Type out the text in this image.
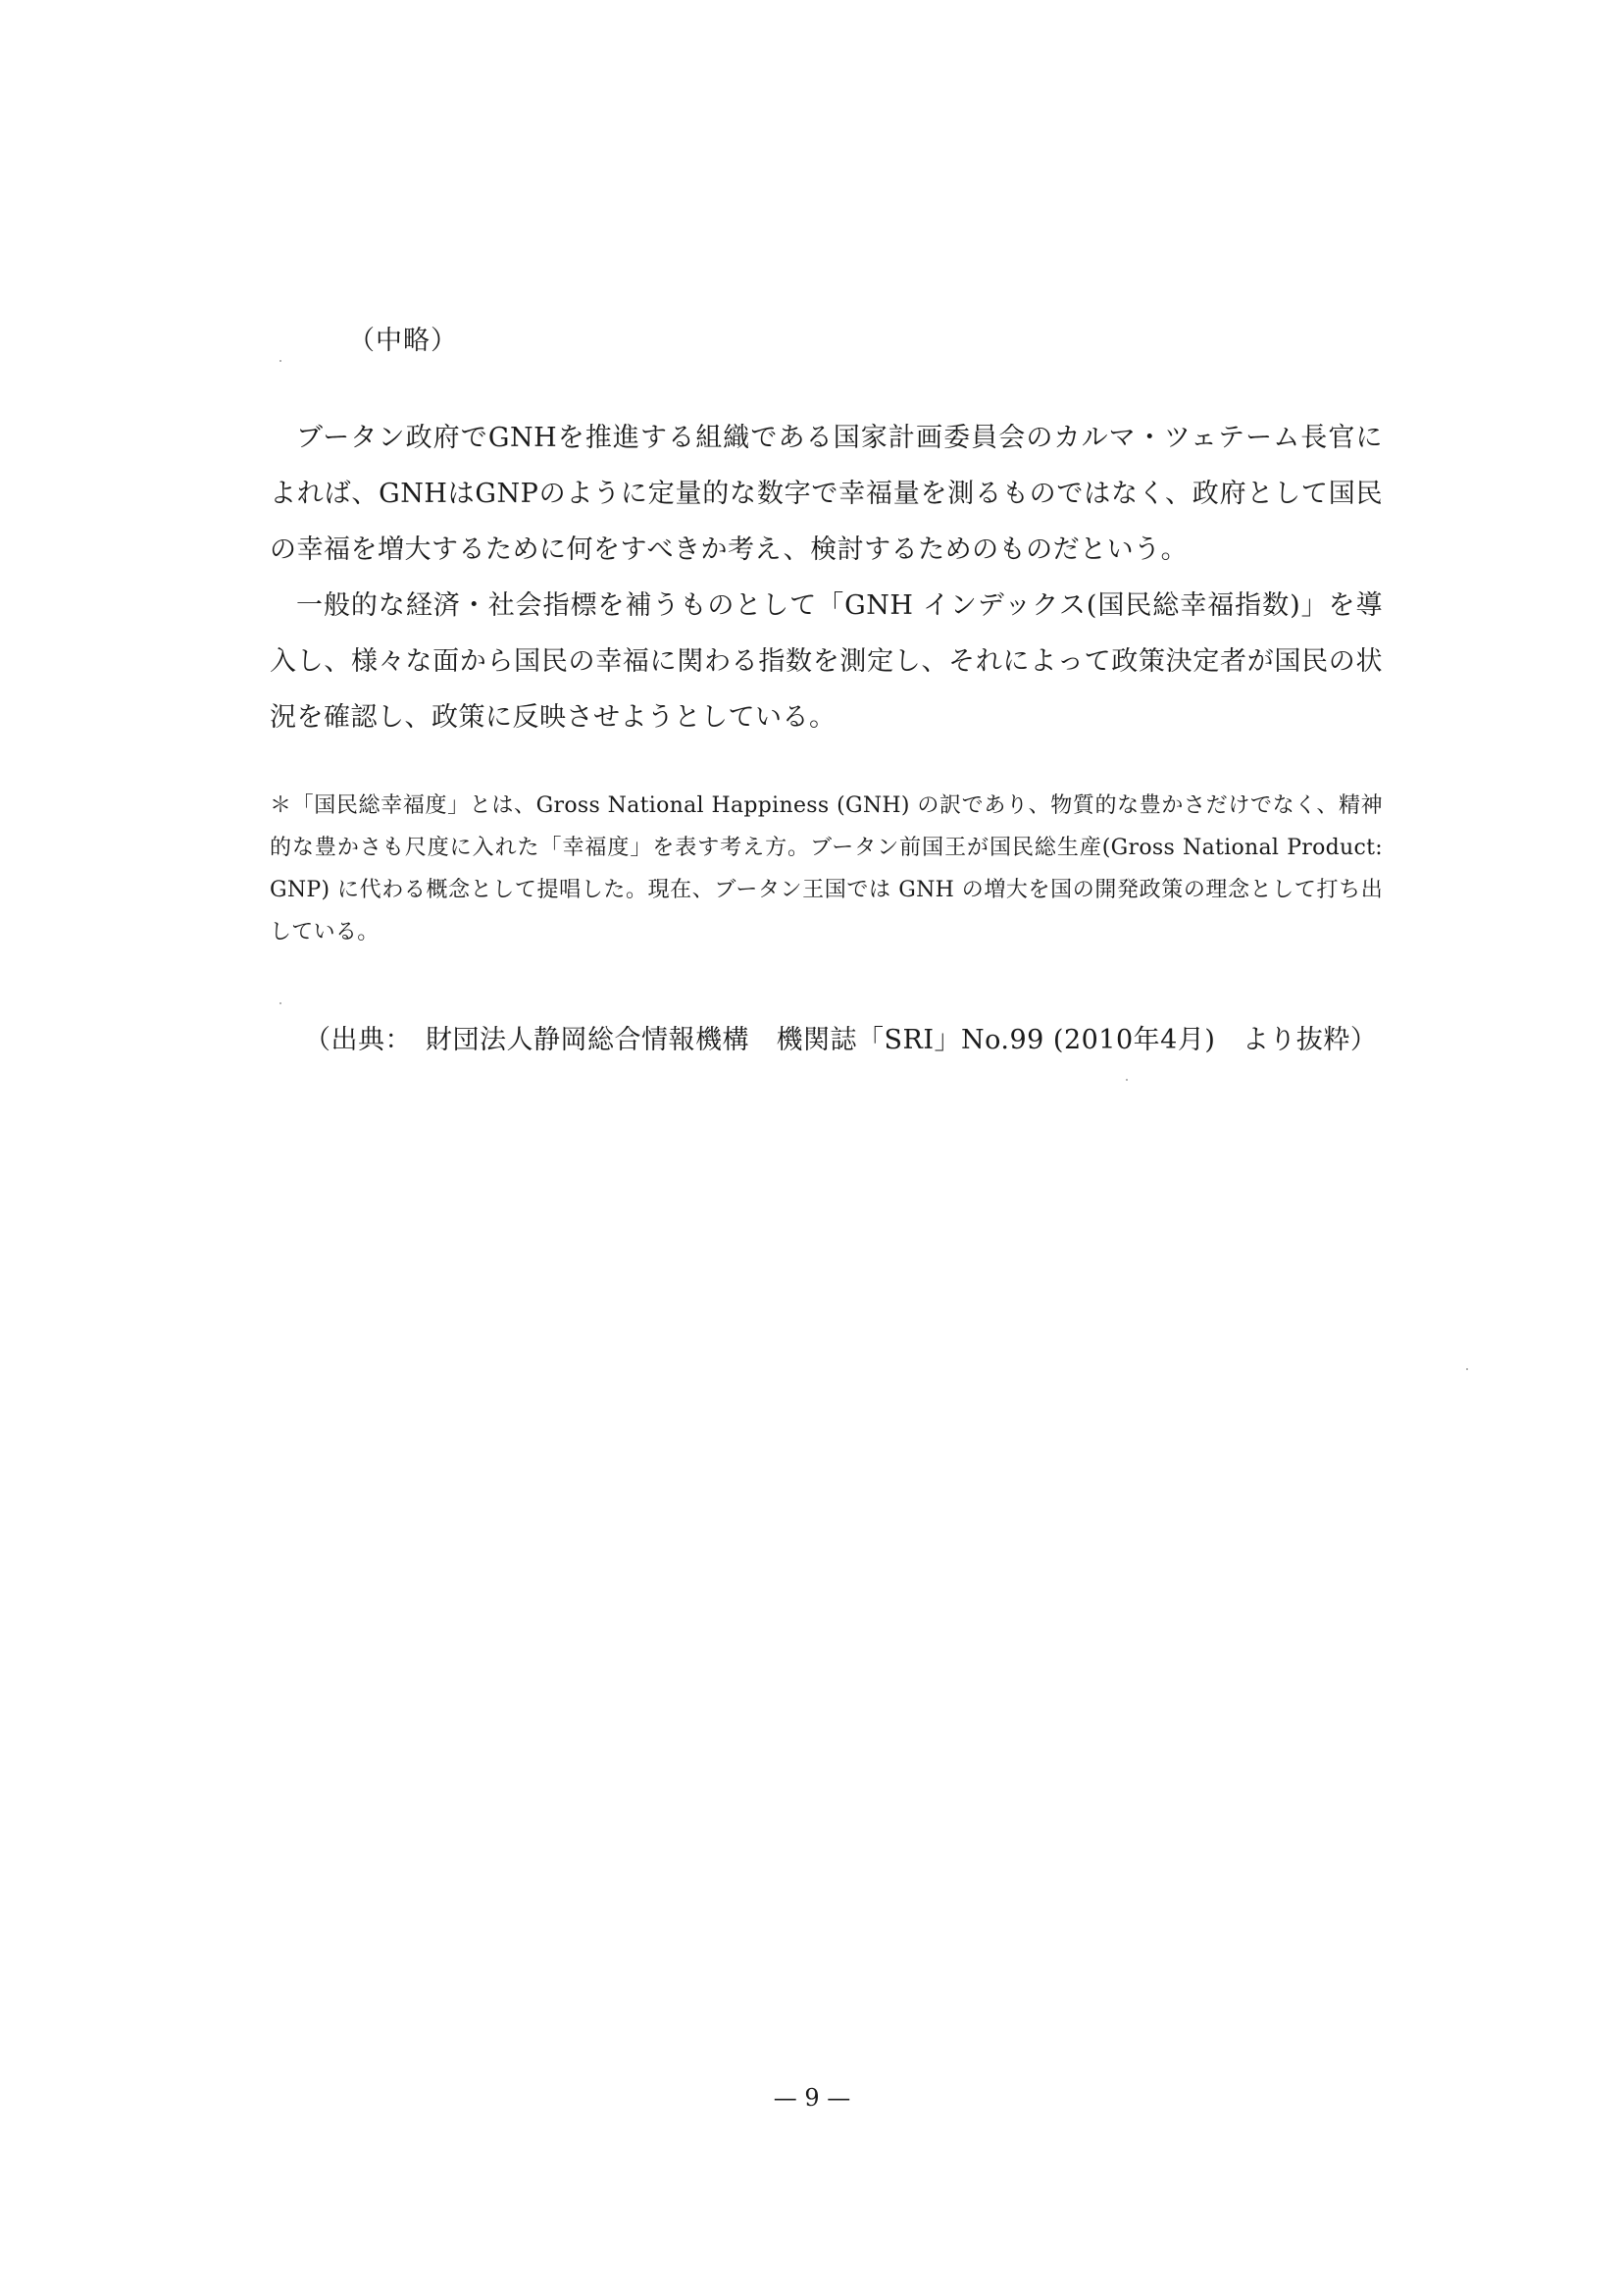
（中略）

ブータン政府でGNHを推進する組織である国家計画委員会のカルマ・ツェテーム長官によれば、GNHはGNPのように定量的な数字で幸福量を測るものではなく、政府として国民の幸福を増大するために何をすべきか考え、検討するためのものだという。

一般的な経済・社会指標を補うものとして「GNH インデックス(国民総幸福指数)」を導入し、様々な面から国民の幸福に関わる指数を測定し、それによって政策決定者が国民の状況を確認し、政策に反映させようとしている。

＊「国民総幸福度」とは、Gross National Happiness (GNH) の訳であり、物質的な豊かさだけでなく、精神的な豊かさも尺度に入れた「幸福度」を表す考え方。ブータン前国王が国民総生産(Gross National Product: GNP) に代わる概念として提唱した。現在、ブータン王国では GNH の増大を国の開発政策の理念として打ち出している。
（出典：　財団法人静岡総合情報機構　機関誌「SRI」No.99 (2010年4月)　より抜粋）
— 9 —
